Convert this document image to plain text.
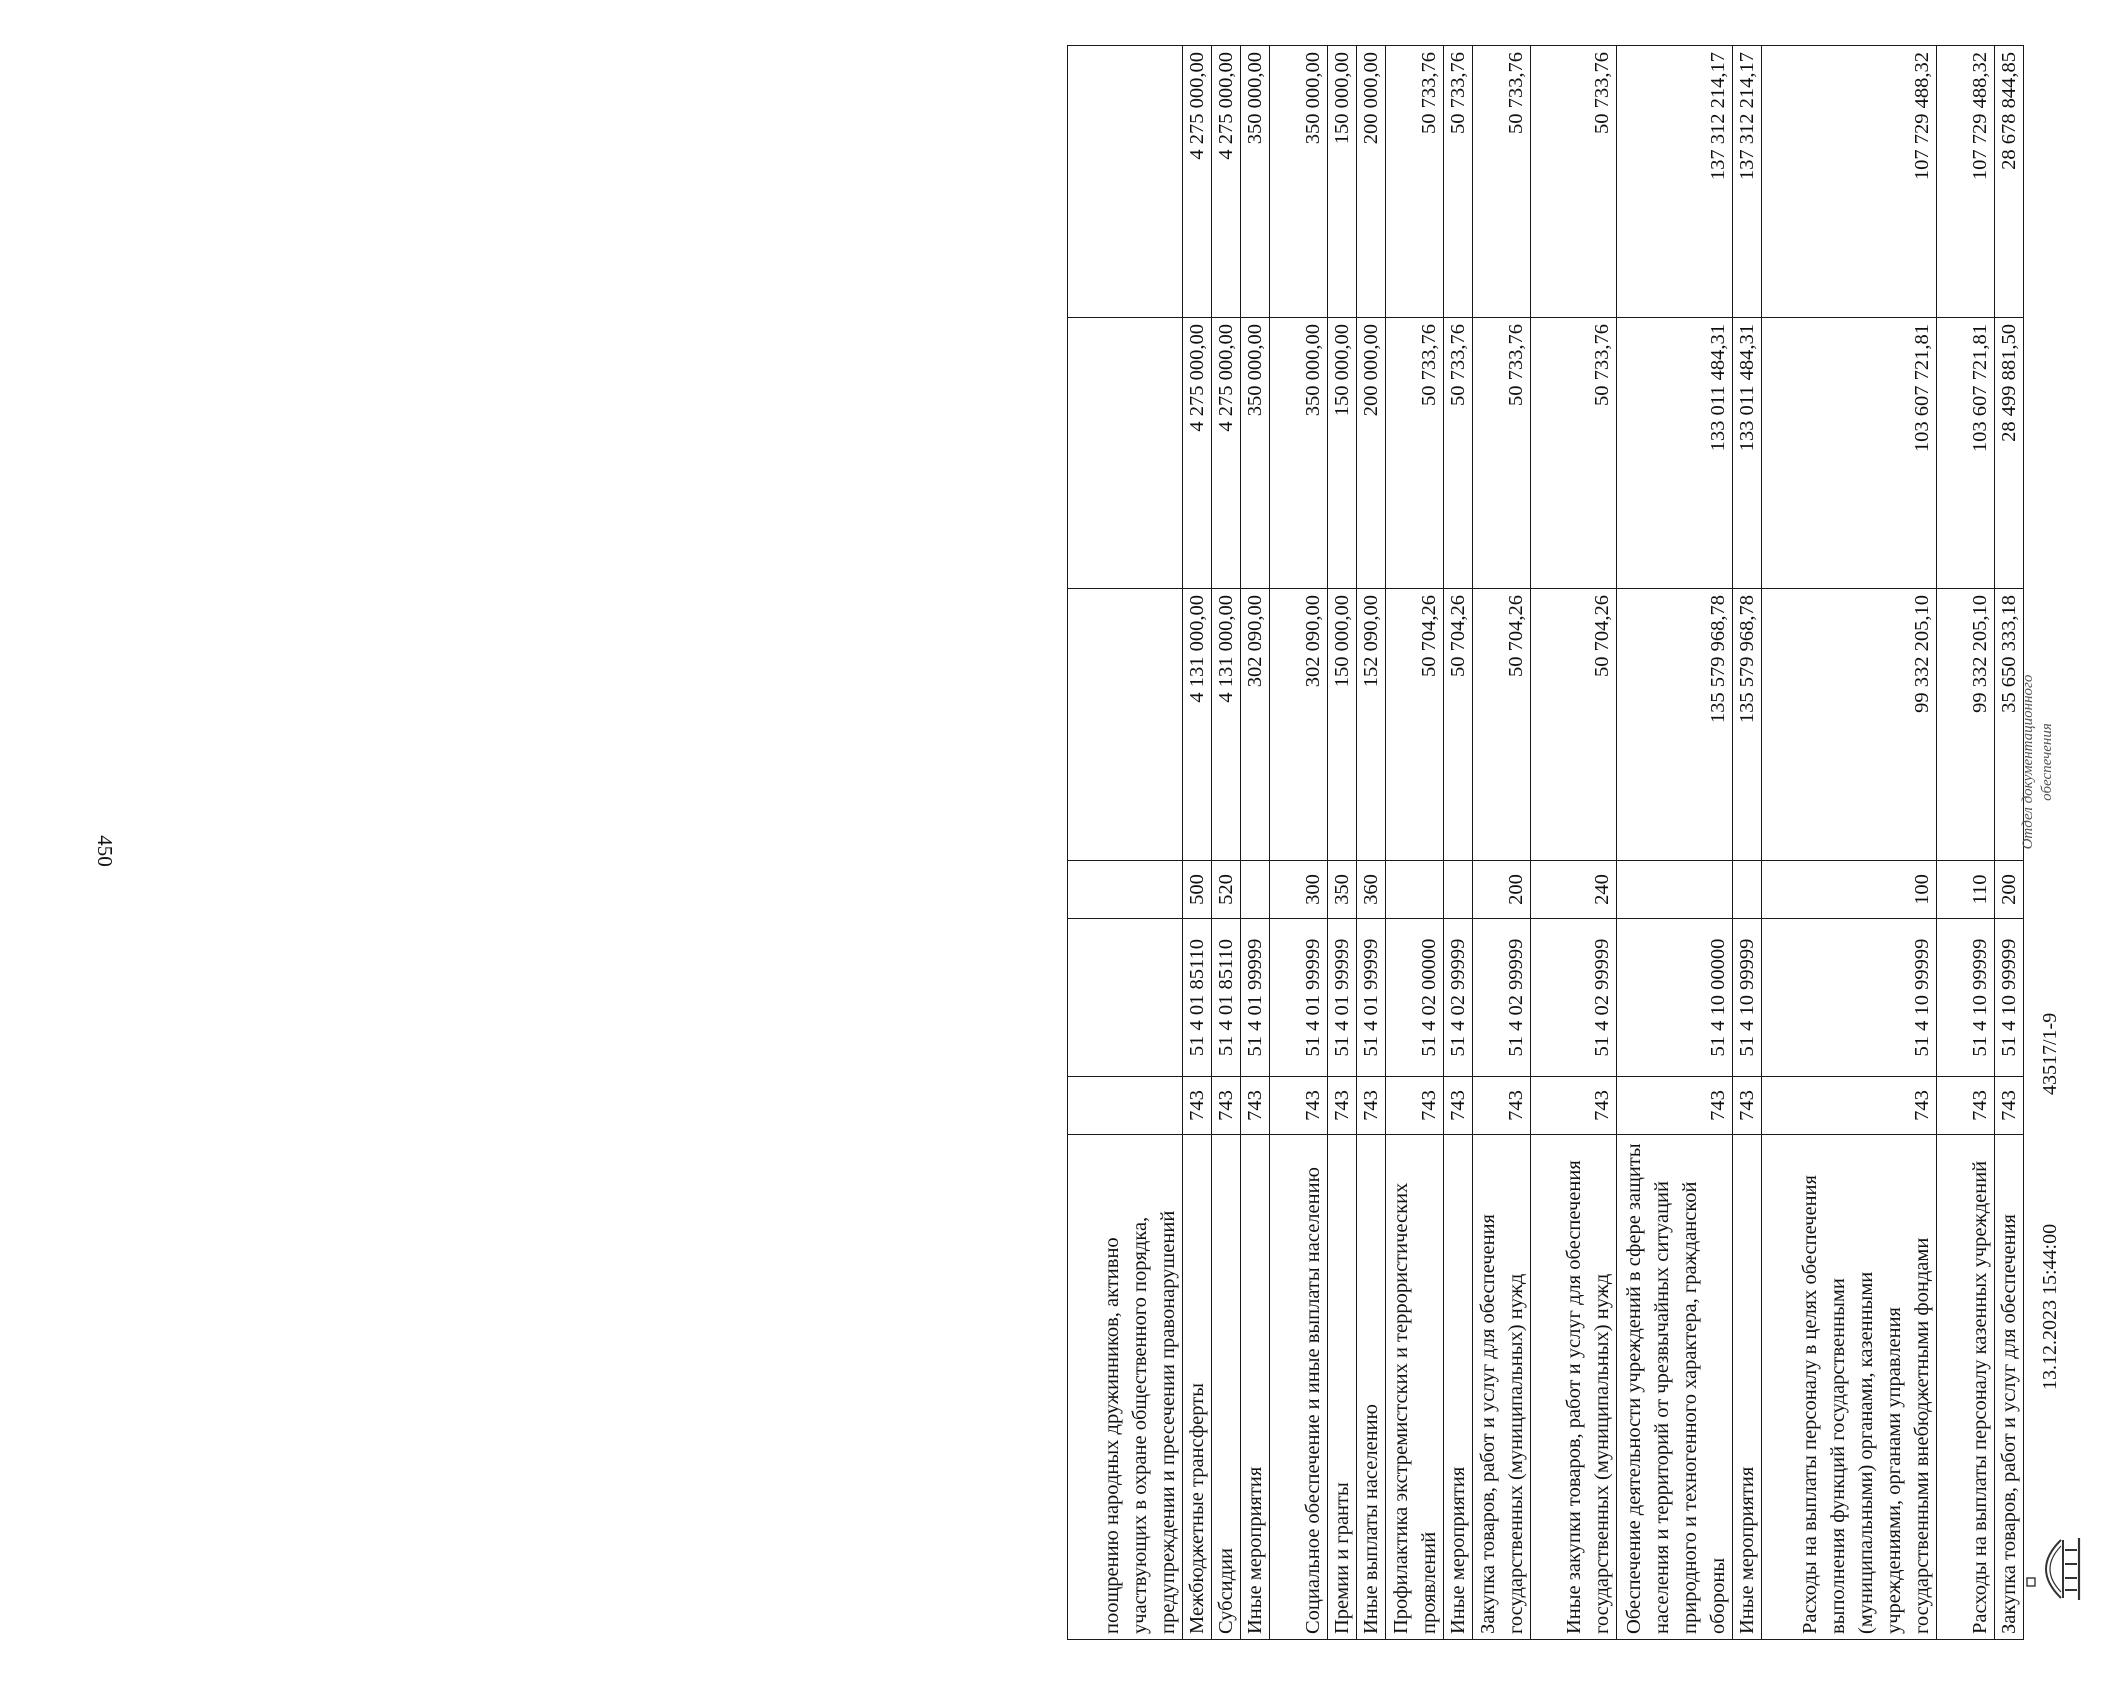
450
поощрению народных дружинников, активно участвующих в охране общественного порядка, предупреждении и пресечении правонарушений						
Межбюджетные трансферты	743	51 4 01 85110	500	4 131 000,00	4 275 000,00	4 275 000,00
Субсидии	743	51 4 01 85110	520	4 131 000,00	4 275 000,00	4 275 000,00
Иные мероприятия	743	51 4 01 99999		302 090,00	350 000,00	350 000,00
Социальное обеспечение и иные выплаты населению	743	51 4 01 99999	300	302 090,00	350 000,00	350 000,00
Премии и гранты	743	51 4 01 99999	350	150 000,00	150 000,00	150 000,00
Иные выплаты населению	743	51 4 01 99999	360	152 090,00	200 000,00	200 000,00
Профилактика экстремистских и террористических проявлений	743	51 4 02 00000		50 704,26	50 733,76	50 733,76
Иные мероприятия	743	51 4 02 99999		50 704,26	50 733,76	50 733,76
Закупка товаров, работ и услуг для обеспечения государственных (муниципальных) нужд	743	51 4 02 99999	200	50 704,26	50 733,76	50 733,76
Иные закупки товаров, работ и услуг для обеспечения государственных (муниципальных) нужд	743	51 4 02 99999	240	50 704,26	50 733,76	50 733,76
Обеспечение деятельности учреждений в сфере защиты населения и территорий от чрезвычайных ситуаций природного и техногенного характера, гражданской обороны	743	51 4 10 00000		135 579 968,78	133 011 484,31	137 312 214,17
Иные мероприятия	743	51 4 10 99999		135 579 968,78	133 011 484,31	137 312 214,17
Расходы на выплаты персоналу в целях обеспечения выполнения функций государственными (муниципальными) органами, казенными учреждениями, органами управления государственными внебюджетными фондами	743	51 4 10 99999	100	99 332 205,10	103 607 721,81	107 729 488,32
Расходы на выплаты персоналу казенных учреждений	743	51 4 10 99999	110	99 332 205,10	103 607 721,81	107 729 488,32
Закупка товаров, работ и услуг для обеспечения	743	51 4 10 99999	200	35 650 333,18	28 499 881,50	28 678 844,85
13.12.2023 15:44:00
43517/1-9
Отдел документационного обеспечения
